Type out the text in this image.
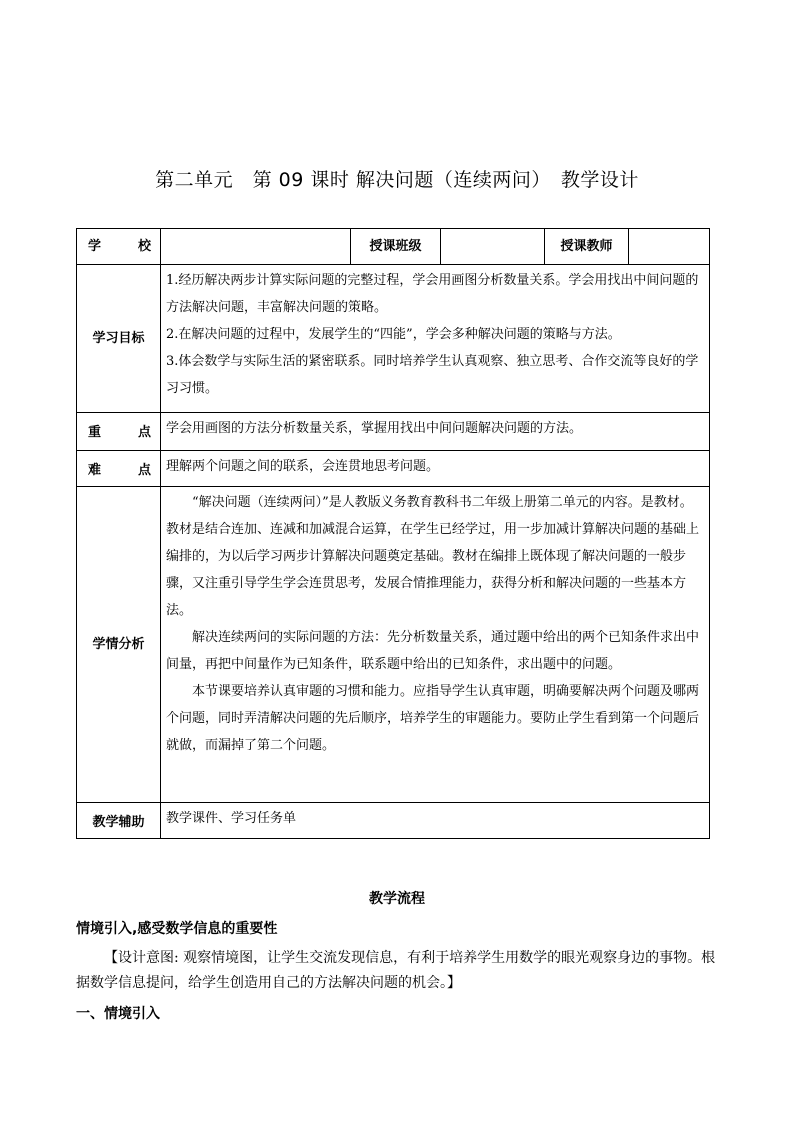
第二单元　第 09 课时 解决问题（连续两问）　教学设计
学 校		授课班级		授课教师	
学习目标	1.经历解决两步计算实际问题的完整过程，学会用画图分析数量关系。学会用找出中间问题的方法解决问题，丰富解决问题的策略。
2.在解决问题的过程中，发展学生的“四能”，学会多种解决问题的策略与方法。
3.体会数学与实际生活的紧密联系。同时培养学生认真观察、独立思考、合作交流等良好的学习习惯。				

重 点	学会用画图的方法分析数量关系，掌握用找出中间问题解决问题的方法。				

难 点	理解两个问题之间的联系，会连贯地思考问题。				
学情分析	“解决问题（连续两问）”是人教版义务教育教科书二年级上册第二单元的内容。是教材。教材是结合连加、连减和加减混合运算，在学生已经学过，用一步加减计算解决问题的基础上编排的，为以后学习两步计算解决问题奠定基础。教材在编排上既体现了解决问题的一般步骤，又注重引导学生学会连贯思考，发展合情推理能力，获得分析和解决问题的一些基本方法。
解决连续两问的实际问题的方法：先分析数量关系，通过题中给出的两个已知条件求出中间量，再把中间量作为已知条件，联系题中给出的已知条件，求出题中的问题。
本节课要培养认真审题的习惯和能力。应指导学生认真审题，明确要解决两个问题及哪两个问题，同时弄清解决问题的先后顺序，培养学生的审题能力。要防止学生看到第一个问题后就做，而漏掉了第二个问题。				

教学辅助	教学课件、学习任务单				
教学流程
情境引入,感受数学信息的重要性
【设计意图: 观察情境图，让学生交流发现信息，有利于培养学生用数学的眼光观察身边的事物。根据数学信息提问，给学生创造用自己的方法解决问题的机会。】
一、情境引入
